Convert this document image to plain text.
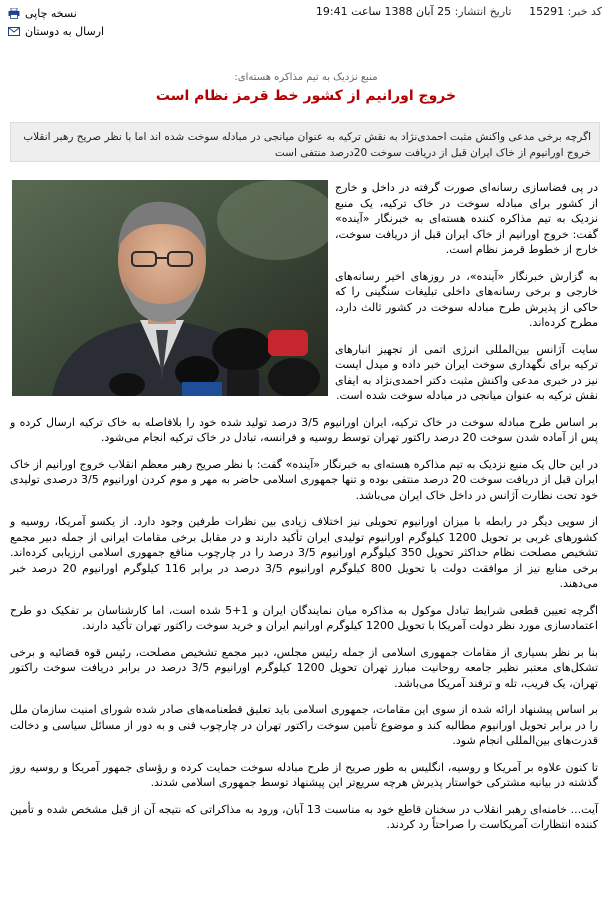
کد خبر: 15291     تاریخ انتشار: 25 آبان 1388 ساعت 19:41
نسخه چاپی
ارسال به دوستان
منبع نزدیک به تیم مذاکره هسته‌ای:
خروج اورانیم از کشور خط قرمز نظام است
اگرچه برخی مدعی واکنش مثبت احمدی‌نژاد به نقش ترکیه به عنوان میانجی در مبادله سوخت شده اند اما با نظر صریح رهبر انقلاب خروج اورانیوم از خاک ایران قبل از دریافت سوخت 20درصد منتفی است

در پی فضاسازی رسانه‌ای صورت گرفته در داخل و خارج از کشور برای مبادله سوخت در خاک ترکیه، یک منبع نزدیک به تیم مذاکره کننده هسته‌ای به خبرنگار «آینده» گفت: خروج اورانیم از خاک ایران قبل از دریافت سوخت، خارج از خطوط قرمز نظام است.

به گزارش خبرنگار «آینده»، در روزهای اخیر رسانه‌های خارجی و برخی رسانه‌های داخلی تبلیغات سنگینی را که حاکی از پذیرش طرح مبادله سوخت در کشور ثالث دارد، مطرح کرده‌اند.

سایت آژانس بین‌المللی انرژی اتمی از تجهیز انبارهای ترکیه برای نگهداری سوخت ایران خبر داده و میدل ایست نیز در خبری مدعی واکنش مثبت دکتر احمدی‌نژاد به ایفای نقش ترکیه به عنوان میانجی در مبادله سوخت شده است.

بر اساس طرح مبادله سوخت در خاک ترکیه، ایران اورانیوم 3/5 درصد تولید شده خود را بلافاصله به خاک ترکیه ارسال کرده و پس از آماده شدن سوخت 20 درصد راکتور تهران توسط روسیه و فرانسه، تبادل در خاک ترکیه انجام می‌شود.

در این حال یک منبع نزدیک به تیم مذاکره هسته‌ای به خبرنگار «آینده» گفت: با نظر صریح رهبر معظم انقلاب خروج اورانیم از خاک ایران قبل از دریافت سوخت 20 درصد منتفی بوده و تنها جمهوری اسلامی حاضر به مهر و موم کردن اورانیوم 3/5 درصدی تولیدی خود تحت نظارت آژانس در داخل خاک ایران می‌باشد.

از سویی دیگر در رابطه با میزان اورانیوم تحویلی نیز اختلاف زیادی بین نظرات طرفین وجود دارد. از یکسو آمریکا، روسیه و کشورهای غربی بر تحویل 1200 کیلوگرم اورانیوم تولیدی ایران تأکید دارند و در مقابل برخی مقامات ایرانی از جمله دبیر مجمع تشخیص مصلحت نظام حداکثر تحویل 350 کیلوگرم اورانیوم 3/5 درصد را در چارچوب منافع جمهوری اسلامی ارزیابی کرده‌اند. برخی منابع نیز از موافقت دولت با تحویل 800 کیلوگرم اورانیوم 3/5 درصد در برابر 116 کیلوگرم اورانیوم 20 درصد خبر می‌دهند.

اگرچه تعیین قطعی شرایط تبادل موکول به مذاکره میان نمایندگان ایران و 1+5 شده است، اما کارشناسان بر تفکیک دو طرح اعتمادسازی مورد نظر دولت آمریکا با تحویل 1200 کیلوگرم اورانیم ایران و خرید سوخت راکتور تهران تأکید دارند.

بنا بر نظر بسیاری از مقامات جمهوری اسلامی از جمله رئیس مجلس، دبیر مجمع تشخیص مصلحت، رئیس قوه قضائیه و برخی تشکل‌های معتبر نظیر جامعه روحانیت مبارز تهران تحویل 1200 کیلوگرم اورانیوم 3/5 درصد در برابر دریافت سوخت راکتور تهران، یک فریب، تله و ترفند آمریکا می‌باشد.

بر اساس پیشنهاد ارائه شده از سوی این مقامات، جمهوری اسلامی باید تعلیق قطعنامه‌های صادر شده شورای امنیت سازمان ملل را در برابر تحویل اورانیوم مطالبه کند و موضوع تأمین سوخت راکتور تهران در چارچوب فنی و به دور از مسائل سیاسی و دخالت قدرت‌های بین‌المللی انجام شود.

تا کنون علاوه بر آمریکا و روسیه، انگلیس به طور صریح از طرح مبادله سوخت حمایت کرده و رؤسای جمهور آمریکا و روسیه روز گذشته در بیانیه مشترکی خواستار پذیرش هرچه سریع‌تر این پیشنهاد توسط جمهوری اسلامی شدند.

آیت‌... خامنه‌ای رهبر انقلاب در سخنان قاطع خود به مناسبت 13 آبان، ورود به مذاکراتی که نتیجه آن از قبل مشخص شده و تأمین کننده انتظارات آمریکاست را صراحتاً رد کردند.
